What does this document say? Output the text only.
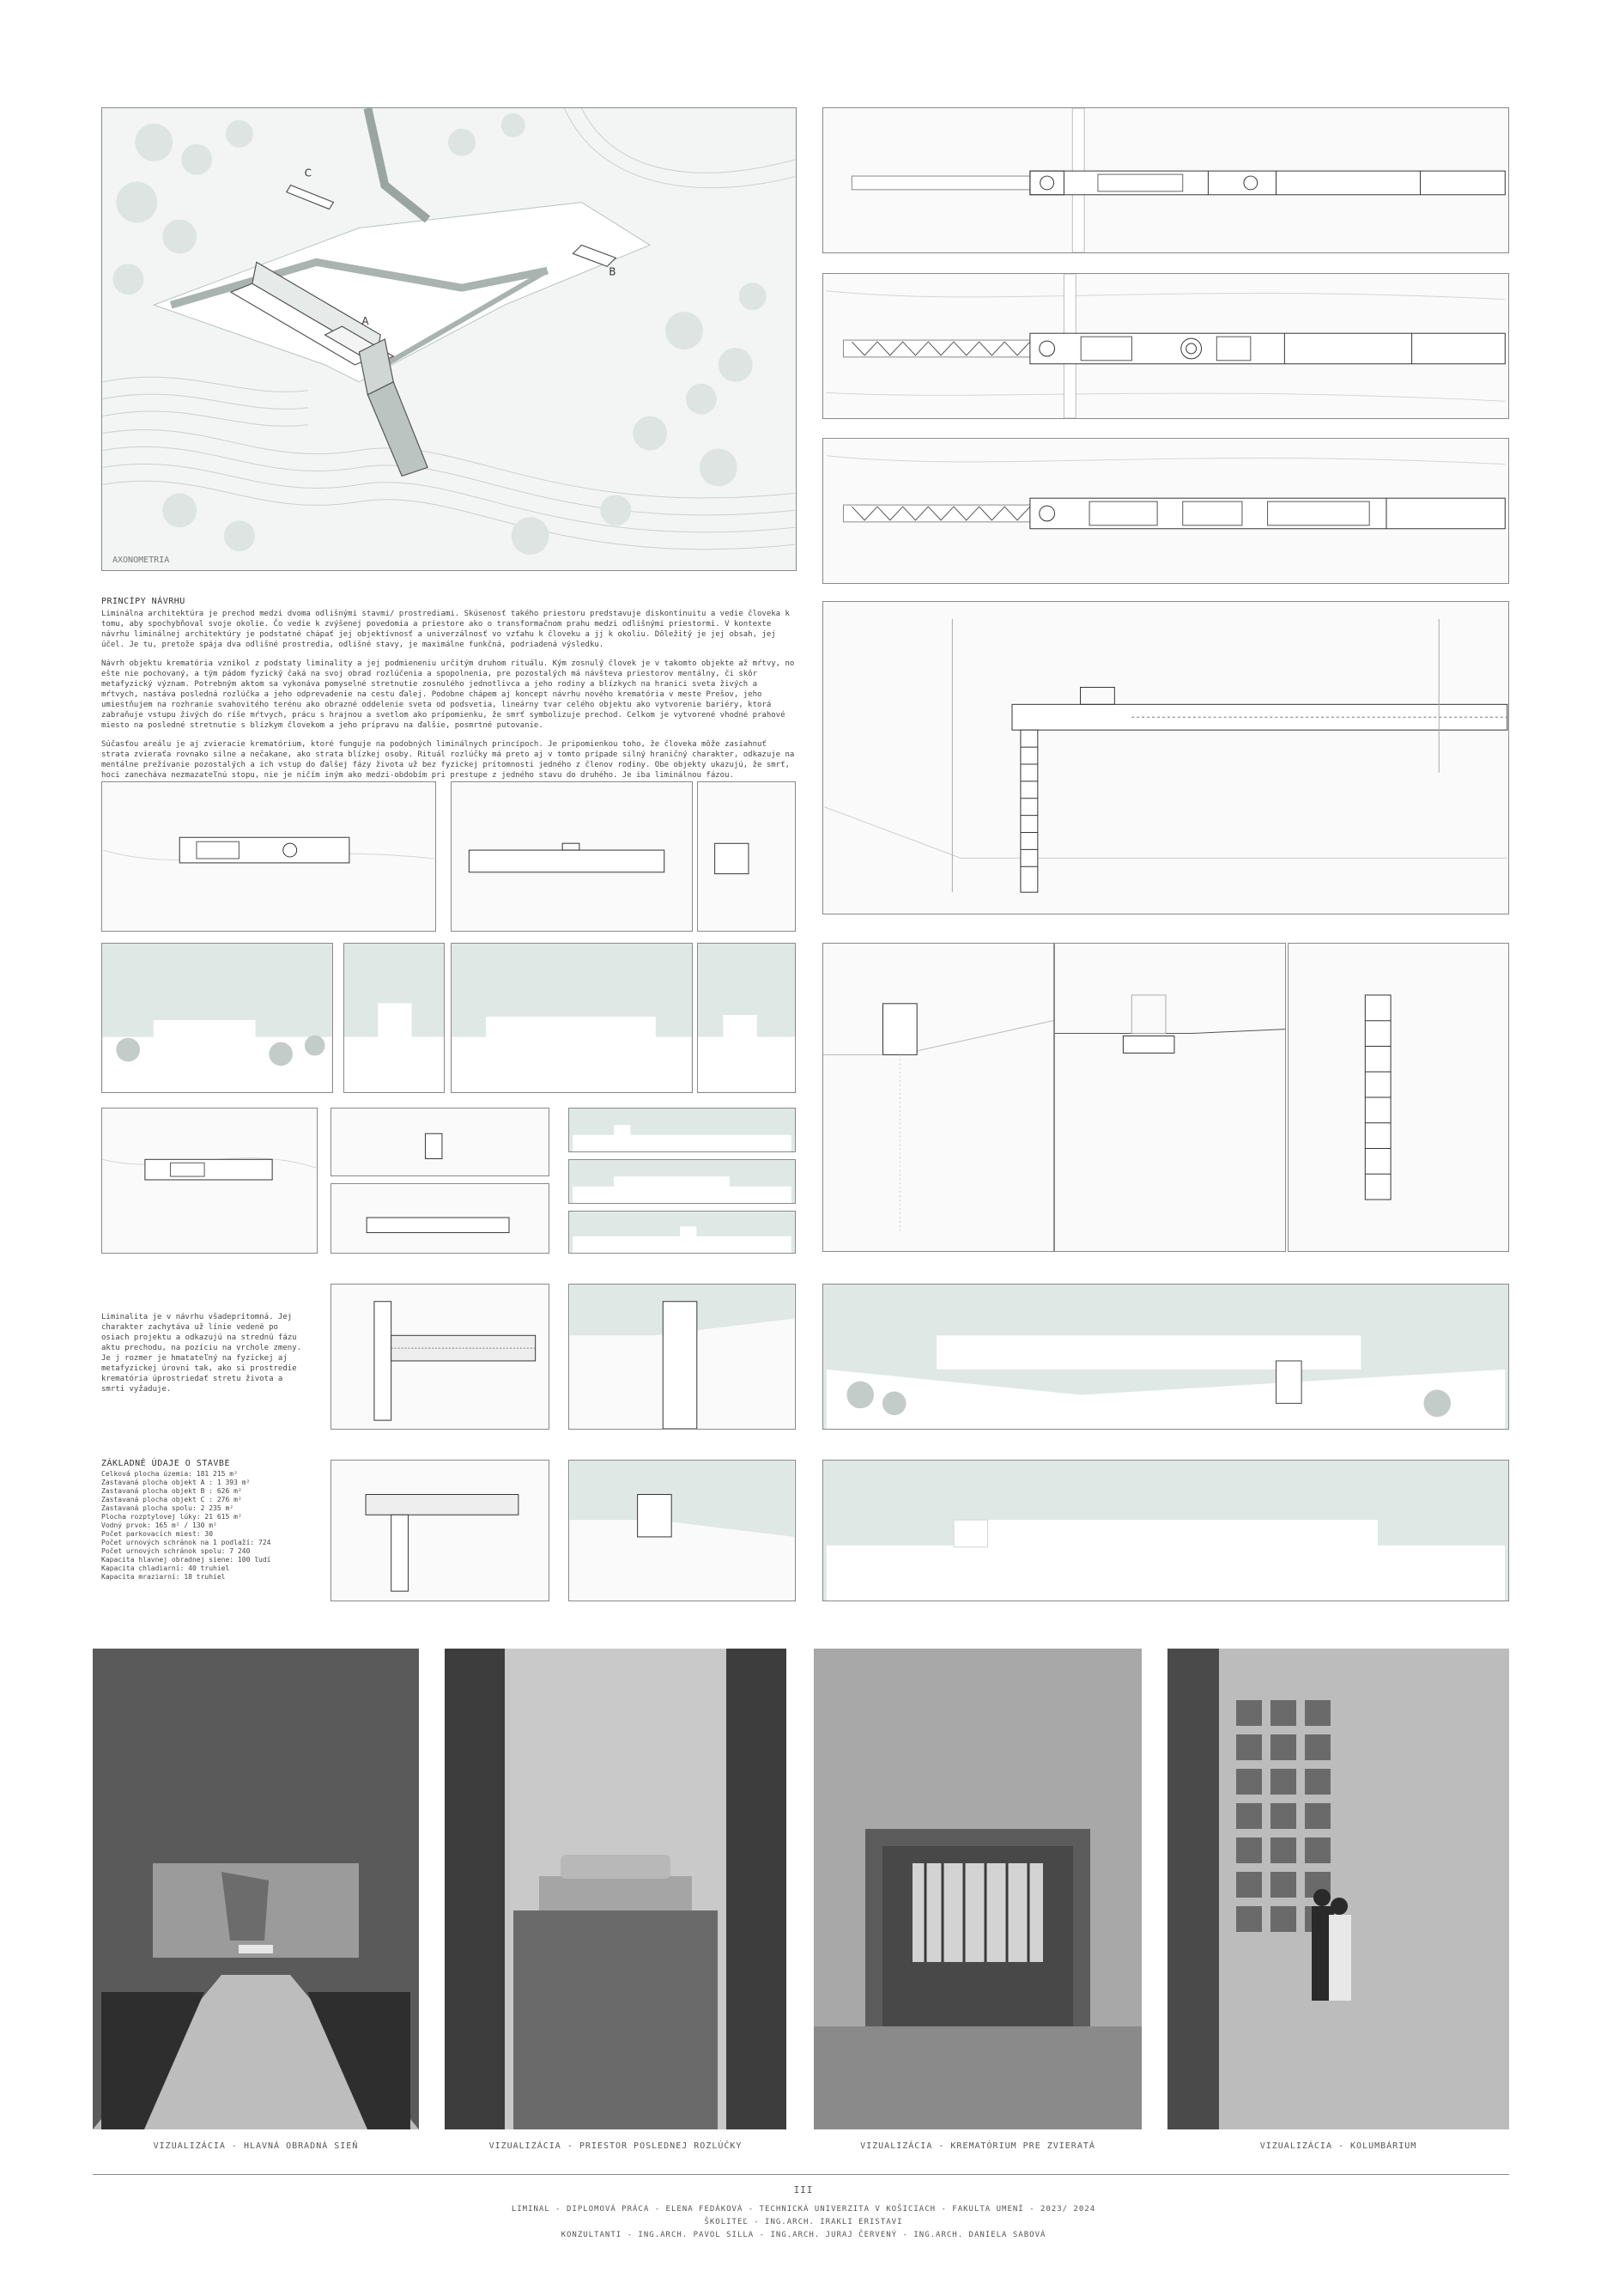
A
B
C
AXONOMETRIA
PRINCÍPY NÁVRHU

Liminálna architektúra je prechod medzi dvoma odlišnými stavmi/ prostrediami. Skúsenosť takého priestoru predstavuje diskontinuitu a vedie človeka k tomu, aby spochybňoval svoje okolie. Čo vedie k zvýšenej povedomia a priestore ako o transformačnom prahu medzi odlišnými priestormi. V kontexte návrhu liminálnej architektúry je podstatné chápať jej objektívnosť a univerzálnosť vo vzťahu k človeku a jj k okoliu. Dôležitý je jej obsah, jej účel. Je tu, pretože spája dva odlišné prostredia, odlišné stavy, je maximálne funkčná, podriadená výsledku.

Návrh objektu krematória vznikol z podstaty liminality a jej podmieneniu určitým druhom rituálu. Kým zosnulý človek je v takomto objekte až mŕtvy, no ešte nie pochovaný, a tým pádom fyzický čaká na svoj obrad rozlúčenia a spopolnenia, pre pozostalých má návšteva priestorov mentálny, či skôr metafyzický význam. Potrebným aktom sa vykonáva pomyselné stretnutie zosnulého jednotlivca a jeho rodiny a blízkych na hranici sveta živých a mŕtvych, nastáva posledná rozlúčka a jeho odprevadenie na cestu ďalej. Podobne chápem aj koncept návrhu nového krematória v meste Prešov, jeho umiestňujem na rozhranie svahovitého terénu ako obrazné oddelenie sveta od podsvetia, lineárny tvar celého objektu ako vytvorenie bariéry, ktorá zabraňuje vstupu živých do ríše mŕtvych, prácu s hrajnou a svetlom ako prípomienku, že smrť symbolizuje prechod. Celkom je vytvorené vhodné prahové miesto na posledné stretnutie s blízkym človekom a jeho prípravu na ďalšie, posmrtné putovanie.

Súčasťou areálu je aj zvieracie krematórium, ktoré funguje na podobných liminálnych princípoch. Je pripomienkou toho, že človeka môže zasiahnuť strata zvieraťa rovnako silne a nečakane, ako strata blízkej osoby. Rituál rozlúčky má preto aj v tomto prípade silný hraničný charakter, odkazuje na mentálne prežívanie pozostalých a ich vstup do ďalšej fázy života už bez fyzickej prítomnosti jedného z členov rodiny. Obe objekty ukazujú, že smrť, hoci zanecháva nezmazateľnú stopu, nie je ničím iným ako medzi-obdobím pri prestupe z jedného stavu do druhého. Je iba liminálnou fázou.

Liminalita je v návrhu všadeprítomná. Jej charakter zachytáva už línie vedené po osiach projektu a odkazujú na strednú fázu aktu prechodu, na pozíciu na vrchole zmeny. Je j rozmer je hmatateľný na fyzickej aj metafyzickej úrovni tak, ako si prostredie krematória úprostriedať stretu života a smrti vyžaduje.

ZÁKLADNÉ ÚDAJE O STAVBE
Celková plocha územia: 181 215 m²
Zastavaná plocha objekt A : 1 393 m²
Zastavaná plocha objekt B : 626 m²
Zastavaná plocha objekt C : 276 m²
Zastavaná plocha spolu: 2 235 m²
Plocha rozptylovej lúky: 21 615 m²
Vodný prvok: 165 m² / 130 m²
Počet parkovacích miest: 30
Počet urnových schránok na 1 podlaží: 724
Počet urnových schránok spolu: 7 240
Kapacita hlavnej obradnej siene: 100 ľudí
Kapacita chladiarní: 40 truhiel
Kapacita mraziarní: 18 truhiel
VIZUALIZÁCIA - HLAVNÁ OBRADNÁ SIEŇ	VIZUALIZÁCIA - PRIESTOR POSLEDNEJ ROZLÚČKY	VIZUALIZÁCIA - KREMATÓRIUM PRE ZVIERATÁ	VIZUALIZÁCIA - KOLUMBÁRIUM
III
LIMINAL - DIPLOMOVÁ PRÁCA - ELENA FEDÁKOVÁ - TECHNICKÁ UNIVERZITA V KOŠICIACH - FAKULTA UMENÍ - 2023/ 2024
ŠKOLITEĽ - ING.ARCH. IRAKLI ERISTAVI
KONZULTANTI - ING.ARCH. PAVOL SILLA - ING.ARCH. JURAJ ČERVENÝ - ING.ARCH. DANIELA SABOVÁ
